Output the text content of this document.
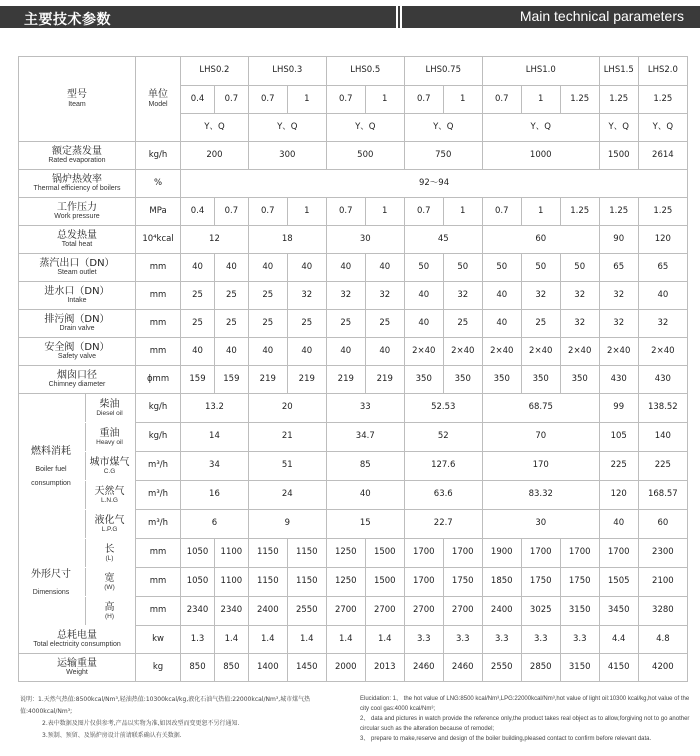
主要技术参数	Main technical parameters
型号
Iteam	单位
Model	LHS0.2		LHS0.3		LHS0.5		LHS0.75		LHS1.0			LHS1.5	LHS2.0
		0.4	0.7	0.7	1	0.7	1	0.7	1	0.7	1	1.25	1.25	1.25
		Y、Q		Y、Q		Y、Q		Y、Q		Y、Q			Y、Q	Y、Q

额定蒸发量
Rated evaporation	kg/h	200		300		500		750		1000			1500	2614

锅炉热效率
Thermal efficiency of boilers	%	92～94												

工作压力
Work pressure	MPa	0.4	0.7	0.7	1	0.7	1	0.7	1	0.7	1	1.25	1.25	1.25

总发热量
Total heat	10⁴kcal	12		18		30		45		60			90	120

蒸汽出口（DN）
Steam outlet	mm	40	40	40	40	40	40	50	50	50	50	50	65	65

进水口（DN）
Intake	mm	25	25	25	32	32	32	40	32	40	32	32	32	40

排污阀（DN）
Drain valve	mm	25	25	25	25	25	25	40	25	40	25	32	32	32

安全阀（DN）
Safety valve	mm	40	40	40	40	40	40	2×40	2×40	2×40	2×40	2×40	2×40	2×40

烟囱口径
Chimney diameter	ϕmm	159	159	219	219	219	219	350	350	350	350	350	430	430

柴油
Diesel oil	kg/h	13.2		20		33		52.53		68.75			99	138.52

重油
Heavy oil	kg/h	14		21		34.7		52		70			105	140

城市煤气
C.G	m³/h	34		51		85		127.6		170			225	225

天然气
L.N.G	m³/h	16		24		40		63.6		83.32			120	168.57

液化气
L.P.G	m³/h	6		9		15		22.7		30			40	60

长
(L)	mm	1050	1100	1150	1150	1250	1500	1700	1700	1900	1700	1700	1700	2300

宽
(W)	mm	1050	1100	1150	1150	1250	1500	1700	1750	1850	1750	1750	1505	2100

高
(H)	mm	2340	2340	2400	2550	2700	2700	2700	2700	2400	3025	3150	3450	3280

总耗电量
Total electricity consumption	kw	1.3	1.4	1.4	1.4	1.4	1.4	3.3	3.3	3.3	3.3	3.3	4.4	4.8

运输重量
Weight	kg	850	850	1400	1450	2000	2013	2460	2460	2550	2850	3150	4150	4200
说明：1.天然气热值:8500kcal/Nm³,轻油热值:10300kcal/kg,液化石油气热值:22000kcal/Nm³,城市煤气热值:4000kcal/Nm³;
2.表中数据及图片仅供参考,产品以实物为准,如因改型而变更恕不另行通知.
3.预制、预留、及锅炉房设计前请联系确认有关数据.
Elucidation: 1、 the hot value of LNG:8500 kcal/Nm³,LPG:22000kcal/Nm³,hot value of light oil:10300 kcal/kg,hot value of the city cool gas:4000 kcal/Nm³;
2、 data and pictures in watch provide the reference only,the product takes real object as to allow,forgiving not to go another circular such as the alteration because of remodel;
3、 prepare to make,reserve and design of the boiler building,pleased contact to confirm before relevant data.
燃料消耗
Boiler fuel
consumption
外形尺寸
Dimensions
